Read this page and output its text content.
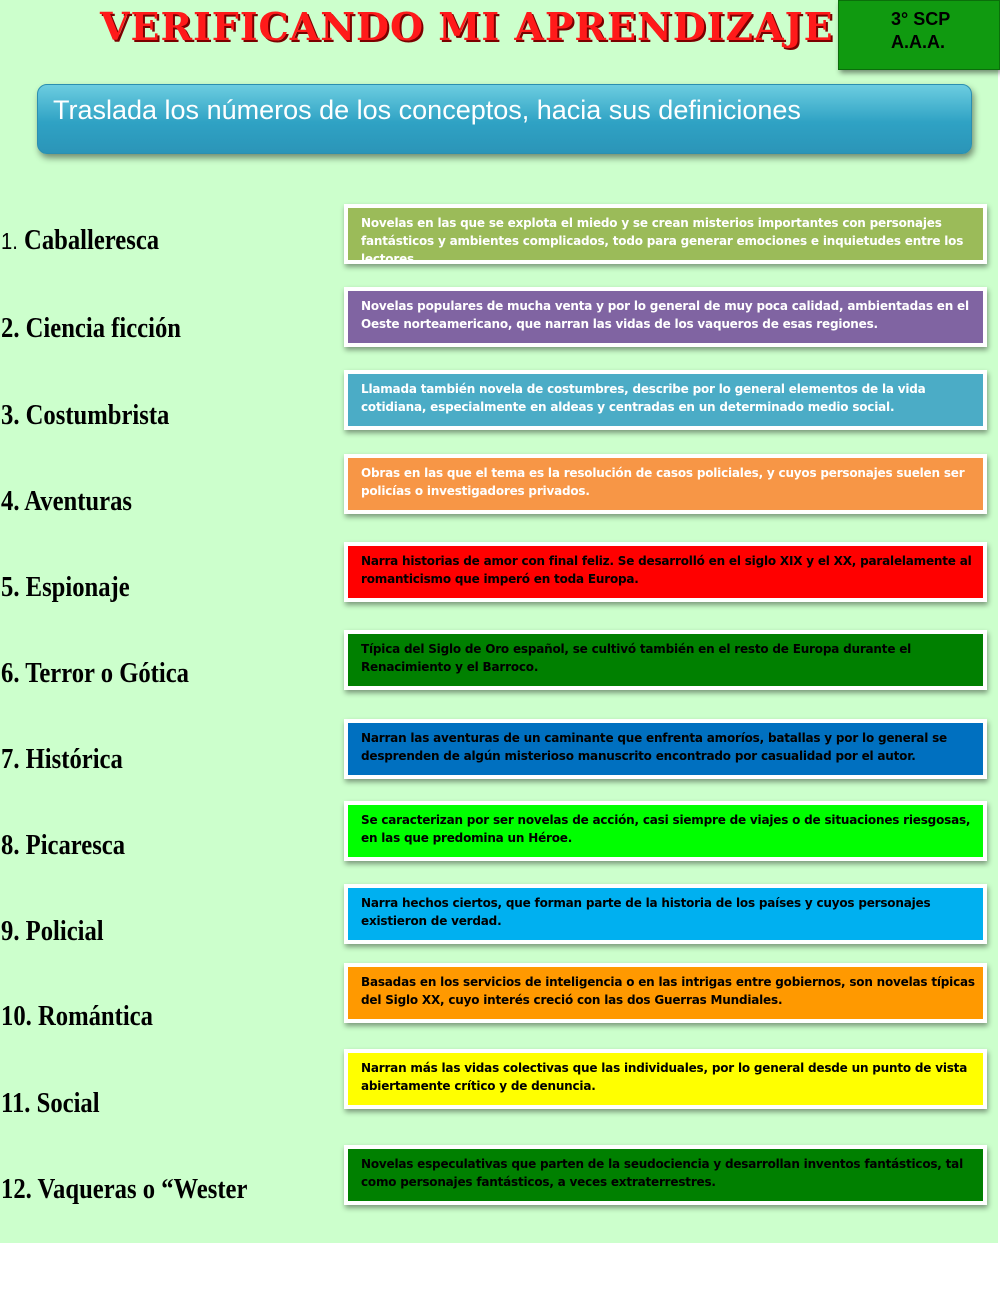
VERIFICANDO MI APRENDIZAJE	3° SCP
A.A.A.
Traslada los números de los conceptos, hacia sus definiciones
1. Caballeresca
2. Ciencia ficción
3. Costumbrista
4. Aventuras
5. Espionaje
6. Terror o Gótica
7. Histórica
8. Picaresca
9. Policial
10. Romántica
11. Social
12. Vaqueras o “Wester
Novelas en las que se explota el miedo y se crean misterios importantes con personajes fantásticos y ambientes complicados, todo para generar emociones e inquietudes entre los lectores.
Novelas populares de mucha venta y por lo general de muy poca calidad, ambientadas en el Oeste norteamericano, que narran las vidas de los vaqueros de esas regiones.
Llamada también novela de costumbres, describe por lo general elementos de la vida cotidiana, especialmente en aldeas y centradas en un determinado medio social.
Obras en las que el tema es la resolución de casos policiales, y cuyos personajes suelen ser policías o investigadores privados.
Narra historias de amor con final feliz. Se desarrolló en el siglo XIX y el XX, paralelamente al romanticismo que imperó en toda Europa.
Típica del Siglo de Oro español, se cultivó también en el resto de Europa durante el Renacimiento y el Barroco.
Narran las aventuras de un caminante que enfrenta amoríos, batallas y por lo general se desprenden de algún misterioso manuscrito encontrado por casualidad por el autor.
Se caracterizan por ser novelas de acción, casi siempre de viajes o de situaciones riesgosas, en las que predomina un Héroe.
Narra hechos ciertos, que forman parte de la historia de los países y cuyos personajes existieron de verdad.
Basadas en los servicios de inteligencia o en las intrigas entre gobiernos, son novelas típicas del Siglo XX, cuyo interés creció con las dos Guerras Mundiales.
Narran más las vidas colectivas que las individuales, por lo general desde un punto de vista abiertamente crítico y de denuncia.
Novelas especulativas que parten de la seudociencia y desarrollan inventos fantásticos, tal como personajes fantásticos, a veces extraterrestres.
